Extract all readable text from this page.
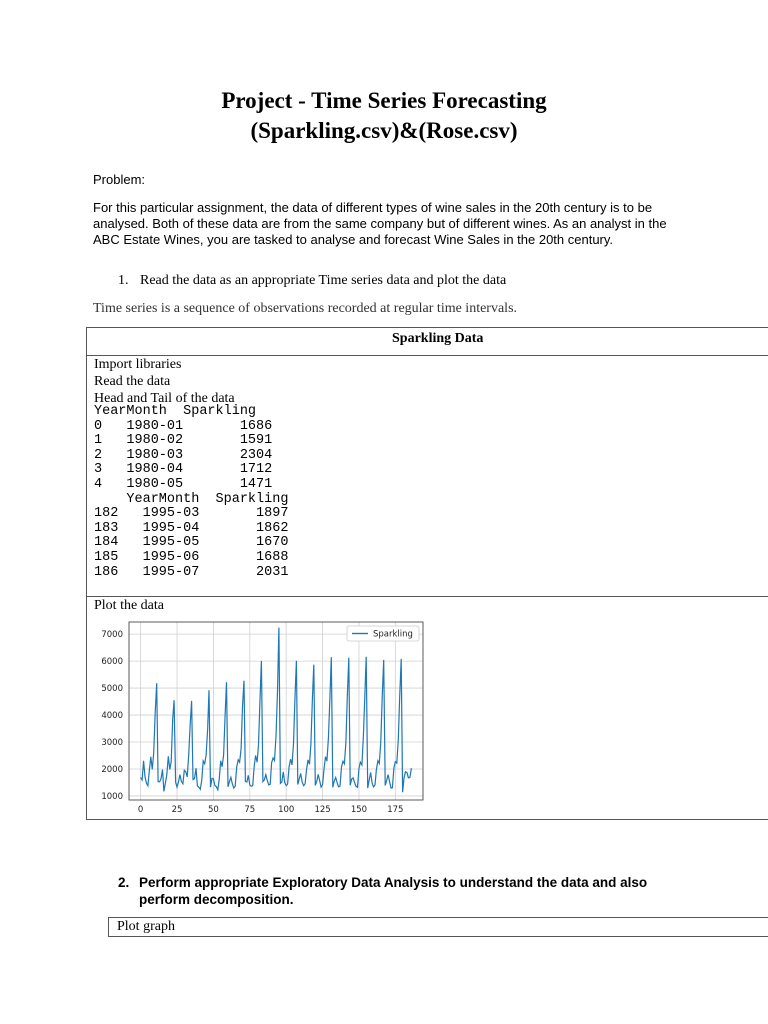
Project - Time Series Forecasting
(Sparkling.csv)&(Rose.csv)
Problem:
For this particular assignment, the data of different types of wine sales in the 20th century is to be analysed. Both of these data are from the same company but of different wines. As an analyst in the ABC Estate Wines, you are tasked to analyse and forecast Wine Sales in the 20th century.
1. Read the data as an appropriate Time series data and plot the data
Time series is a sequence of observations recorded at regular time intervals.
Sparkling Data
Import libraries
Read the data
Head and Tail of the data
YearMonth  Sparkling
0   1980-01       1686
1   1980-02       1591
2   1980-03       2304
3   1980-04       1712
4   1980-05       1471
YearMonth  Sparkling
182   1995-03       1897
183   1995-04       1862
184   1995-05       1670
185   1995-06       1688
186   1995-07       2031
Plot the data
0	25	50	75	100 125 150 175
1000
2000
3000
4000
5000
6000
7000	Sparkling
2. Perform appropriate Exploratory Data Analysis to understand the data and also perform decomposition.
Plot graph
